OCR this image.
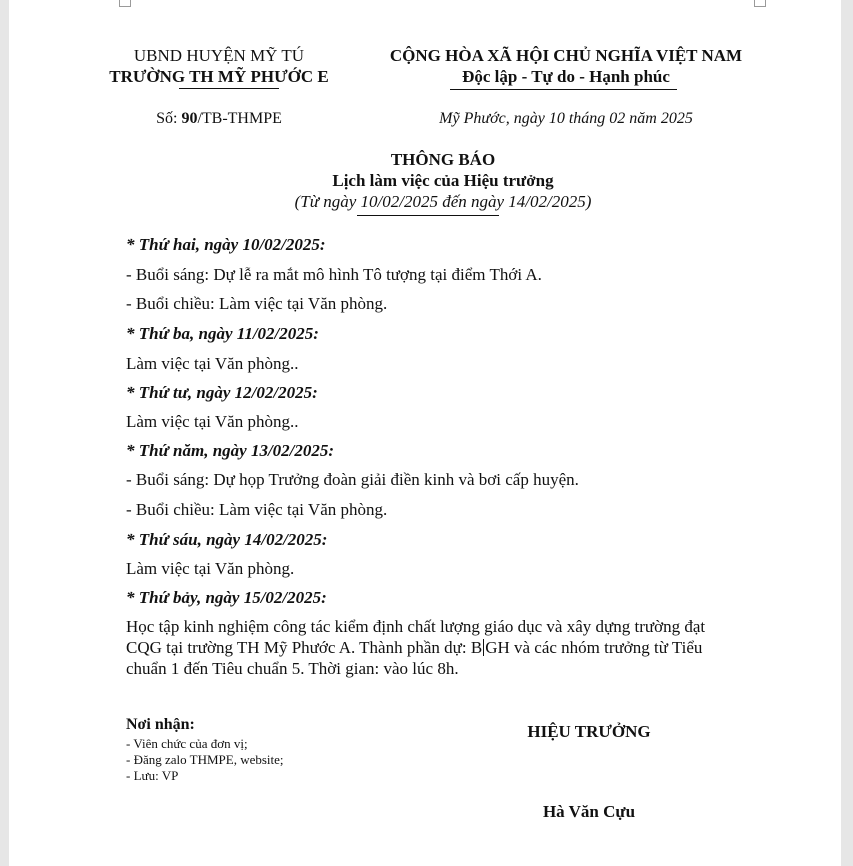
UBND HUYỆN MỸ TÚ
TRƯỜNG TH MỸ PHƯỚC E
CỘNG HÒA XÃ HỘI CHỦ NGHĨA VIỆT NAM
Độc lập - Tự do - Hạnh phúc
Số: 90/TB-THMPE	Mỹ Phước, ngày 10 tháng 02 năm 2025
THÔNG BÁO
Lịch làm việc của Hiệu trưởng
(Từ ngày 10/02/2025 đến ngày 14/02/2025)
* Thứ hai, ngày 10/02/2025:
- Buổi sáng: Dự lễ ra mắt mô hình Tô tượng tại điểm Thới A.
- Buổi chiều: Làm việc tại Văn phòng.
* Thứ ba, ngày 11/02/2025:
Làm việc tại Văn phòng..
* Thứ tư, ngày 12/02/2025:
Làm việc tại Văn phòng..
* Thứ năm, ngày 13/02/2025:
- Buổi sáng: Dự họp Trưởng đoàn giải điền kinh và bơi cấp huyện.
- Buổi chiều: Làm việc tại Văn phòng.
* Thứ sáu, ngày 14/02/2025:
Làm việc tại Văn phòng.
* Thứ bảy, ngày 15/02/2025:
Học tập kinh nghiệm công tác kiểm định chất lượng giáo dục và xây dựng trường đạt
CQG tại trường TH Mỹ Phước A. Thành phần dự: B GH và các nhóm trưởng từ Tiểu
chuẩn 1 đến Tiêu chuẩn 5. Thời gian: vào lúc 8h.
Nơi nhận:
- Viên chức của đơn vị;
- Đăng zalo THMPE, website;
- Lưu: VP
HIỆU TRƯỞNG
Hà Văn Cựu
